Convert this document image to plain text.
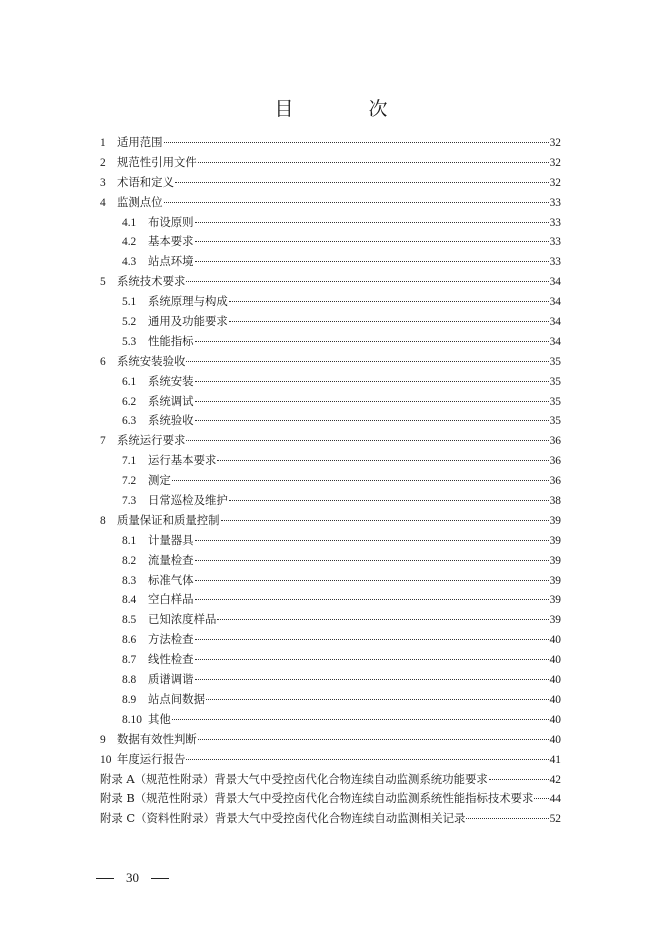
目　次
1 适用范围	32
2 规范性引用文件	32
3 术语和定义	32
4 监测点位	33
4.1	布设原则	33
4.2	基本要求	33
4.3	站点环境	33
5 系统技术要求	34
5.1	系统原理与构成	34
5.2	通用及功能要求	34
5.3	性能指标	34
6 系统安装验收	35
6.1	系统安装	35
6.2	系统调试	35
6.3	系统验收	35
7 系统运行要求	36
7.1	运行基本要求	36
7.2	测定	36
7.3	日常巡检及维护	38
8 质量保证和质量控制	39
8.1	计量器具	39
8.2	流量检查	39
8.3	标准气体	39
8.4	空白样品	39
8.5	已知浓度样品	39
8.6	方法检查	40
8.7	线性检查	40
8.8	质谱调谐	40
8.9	站点间数据	40
8.10 其他	40
9 数据有效性判断	40
10 年度运行报告	41
附录 A（规范性附录）背景大气中受控卤代化合物连续自动监测系统功能要求	42
附录 B（规范性附录）背景大气中受控卤代化合物连续自动监测系统性能指标技术要求 44
附录 C（资料性附录）背景大气中受控卤代化合物连续自动监测相关记录	52
30
